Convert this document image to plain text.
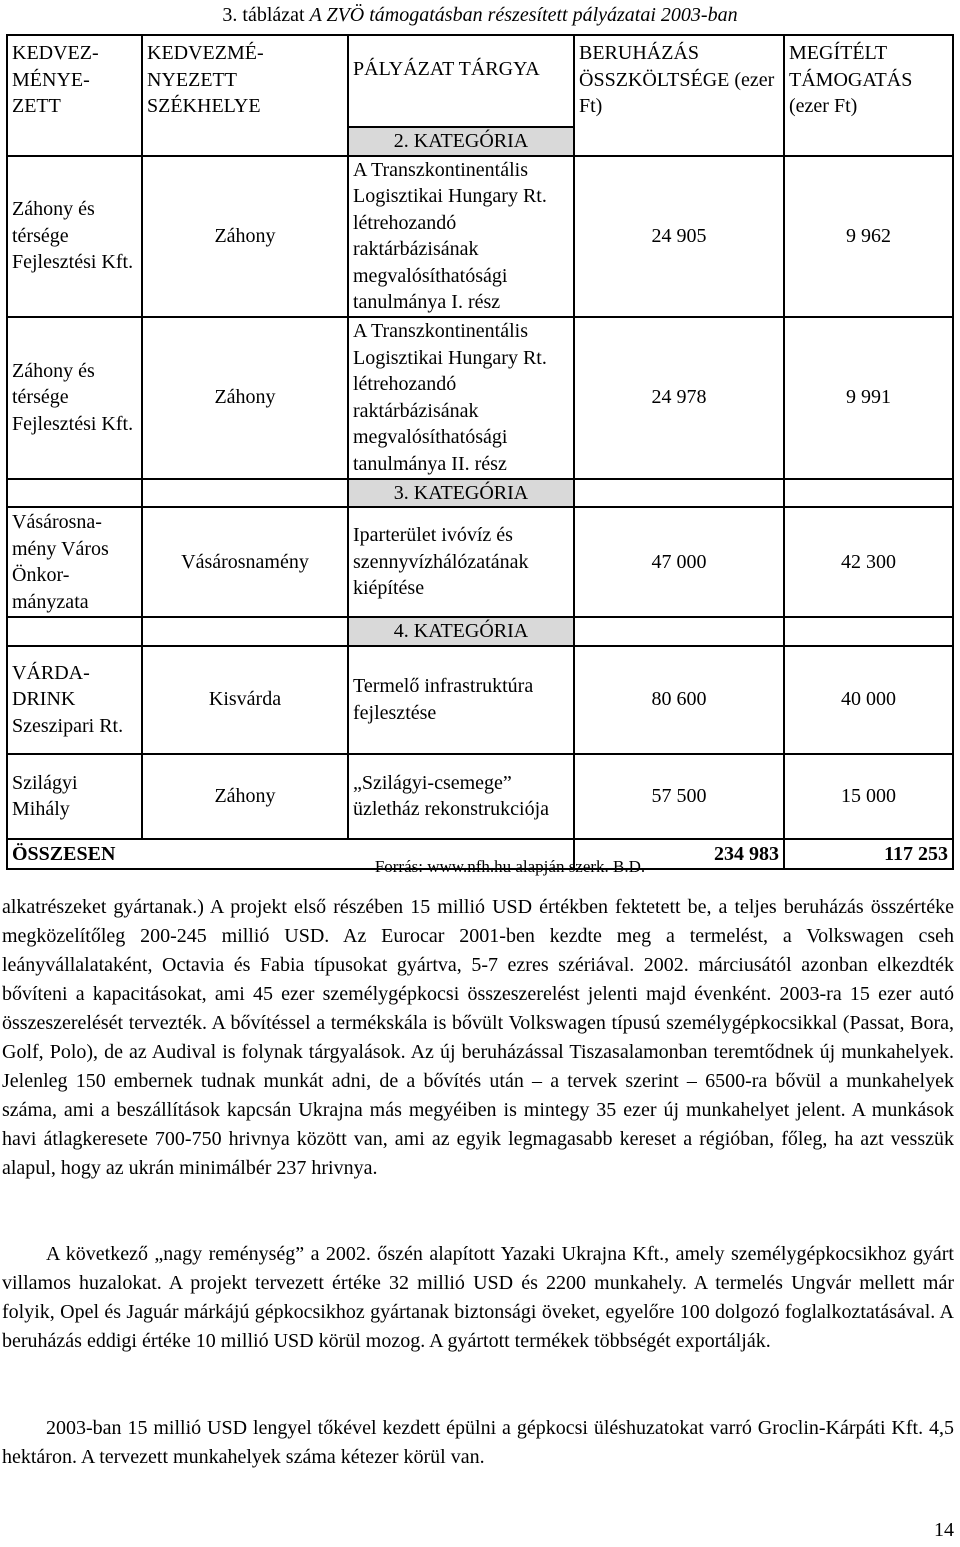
3. táblázat A ZVÖ támogatásban részesített pályázatai 2003-ban
KEDVEZ-MÉNYE-ZETT	KEDVEZMÉ-NYEZETT SZÉKHELYE	PÁLYÁZAT TÁRGYA	BERUHÁZÁS ÖSSZKÖLTSÉGE (ezer Ft)	MEGÍTÉLT TÁMOGATÁS (ezer Ft)
		2. KATEGÓRIA		
Záhony és térsége Fejlesztési Kft.	Záhony	A Transzkontinentális Logisztikai Hungary Rt. létrehozandó raktárbázisának megvalósíthatósági tanulmánya I. rész	24 905	9 962
Záhony és térsége Fejlesztési Kft.	Záhony	A Transzkontinentális Logisztikai Hungary Rt. létrehozandó raktárbázisának megvalósíthatósági tanulmánya II. rész	24 978	9 991
		3. KATEGÓRIA		
Vásárosna-mény Város Önkor-mányzata	Vásárosnamény	Iparterület ivóvíz és szennyvízhálózatának kiépítése	47 000	42 300
		4. KATEGÓRIA		
VÁRDA-DRINK Szeszipari Rt.	Kisvárda	Termelő infrastruktúra fejlesztése	80 600	40 000
Szilágyi Mihály	Záhony	„Szilágyi-csemege” üzletház rekonstrukciója	57 500	15 000
ÖSSZESEN			234 983	117 253
Forrás: www.nfh.hu alapján szerk. B.D.

alkatrészeket gyártanak.) A projekt első részében 15 millió USD értékben fektetett be, a teljes beruházás összértéke megközelítőleg 200-245 millió USD. Az Eurocar 2001-ben kezdte meg a termelést, a Volkswagen cseh leányvállalataként, Octavia és Fabia típusokat gyártva, 5-7 ezres szériával. 2002. márciusától azonban elkezdték bővíteni a kapacitásokat, ami 45 ezer személygépkocsi összeszerelést jelenti majd évenként. 2003-ra 15 ezer autó összeszerelését tervezték. A bővítéssel a termékskála is bővült Volkswagen típusú személygépkocsikkal (Passat, Bora, Golf, Polo), de az Audival is folynak tárgyalások. Az új beruházással Tiszasalamonban teremtődnek új munkahelyek. Jelenleg 150 embernek tudnak munkát adni, de a bővítés után – a tervek szerint – 6500-ra bővül a munkahelyek száma, ami a beszállítások kapcsán Ukrajna más megyéiben is mintegy 35 ezer új munkahelyet jelent. A munkások havi átlagkeresete 700-750 hrivnya között van, ami az egyik legmagasabb kereset a régióban, főleg, ha azt vesszük alapul, hogy az ukrán minimálbér 237 hrivnya.

A következő „nagy reménység” a 2002. őszén alapított Yazaki Ukrajna Kft., amely személygépkocsikhoz gyárt villamos huzalokat. A projekt tervezett értéke 32 millió USD és 2200 munkahely. A termelés Ungvár mellett már folyik, Opel és Jaguár márkájú gépkocsikhoz gyártanak biztonsági öveket, egyelőre 100 dolgozó foglalkoztatásával. A beruházás eddigi értéke 10 millió USD körül mozog. A gyártott termékek többségét exportálják.

2003-ban 15 millió USD lengyel tőkével kezdett épülni a gépkocsi üléshuzatokat varró Groclin-Kárpáti Kft. 4,5 hektáron. A tervezett munkahelyek száma kétezer körül van.

14
